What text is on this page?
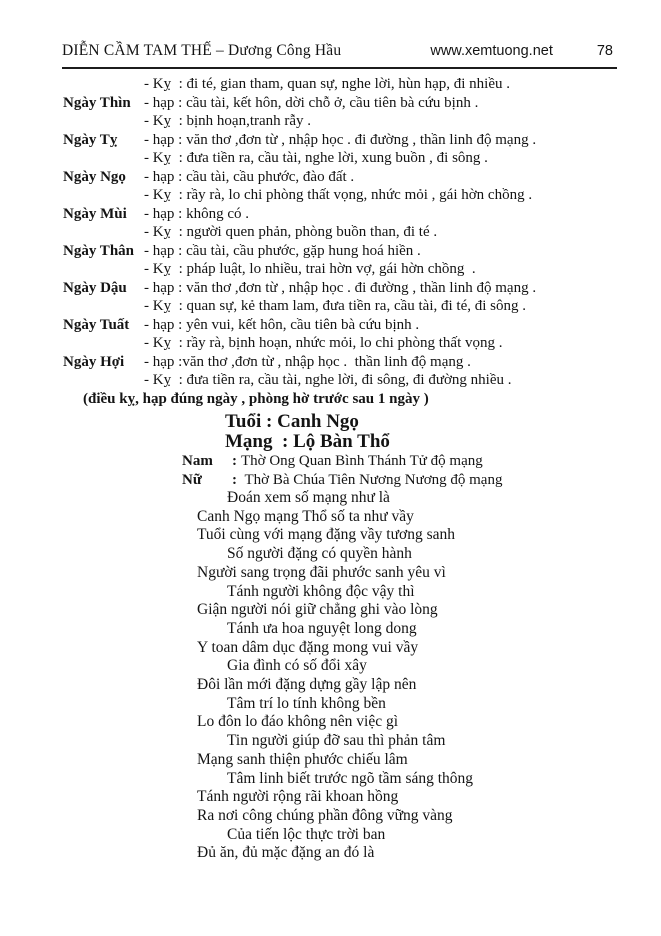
DIỄN CẦM TAM THẾ – Dương Công Hầu	www.xemtuong.net	78
- Kỵ  : đi té, gian tham, quan sự, nghe lời, hùn hạp, đi nhiều .
Ngày Thìn - hạp : cầu tài, kết hôn, dời chỗ ở, cầu tiên bà cứu bịnh .
- Kỵ  : bịnh hoạn,tranh rẫy .
Ngày Tỵ	- hạp : văn thơ ,đơn từ , nhập học . đi đường , thần linh độ mạng .
- Kỵ  : đưa tiền ra, cầu tài, nghe lời, xung buồn , đi sông .
Ngày Ngọ	- hạp : cầu tài, cầu phước, đào đất .
- Kỵ  : rầy rà, lo chi phòng thất vọng, nhức mỏi , gái hờn chồng .
Ngày Mùi	- hạp : không có .
- Kỵ  : người quen phản, phòng buồn than, đi té .
Ngày Thân - hạp : cầu tài, cầu phước, gặp hung hoá hiền .
- Kỵ  : pháp luật, lo nhiều, trai hờn vợ, gái hờn chồng  .
Ngày Dậu	- hạp : văn thơ ,đơn từ , nhập học . đi đường , thần linh độ mạng .
- Kỵ  : quan sự, kẻ tham lam, đưa tiền ra, cầu tài, đi té, đi sông .
Ngày Tuất - hạp : yên vui, kết hôn, cầu tiên bà cứu bịnh .
- Kỵ  : rầy rà, bịnh hoạn, nhức mỏi, lo chi phòng thất vọng .
Ngày Hợi	- hạp :văn thơ ,đơn từ , nhập học .  thần linh độ mạng .
- Kỵ  : đưa tiền ra, cầu tài, nghe lời, đi sông, đi đường nhiều .

(điều kỵ, hạp đúng ngày , phòng hờ trước sau 1 ngày )

Tuổi : Canh Ngọ

Mạng  : Lộ Bàn Thổ

Nam	: Thờ Ong Quan Bình Thánh Tử độ mạng
Nữ	: Thờ Bà Chúa Tiên Nương Nương độ mạng

Đoán xem số mạng như là

Canh Ngọ mạng Thổ số ta như vầy

Tuổi cùng với mạng đặng vầy tương sanh

Số người đặng có quyền hành

Người sang trọng đãi phước sanh yêu vì

Tánh người không độc vậy thì

Giận người nói giữ chẳng ghi vào lòng

Tánh ưa hoa nguyệt long dong

Y toan dâm dục đặng mong vui vầy

Gia đình có số đổi xây

Đôi lần mới đặng dựng gầy lập nên

Tâm trí lo tính không bền

Lo đôn lo đáo không nên việc gì

Tin người giúp đỡ sau thì phản tâm

Mạng sanh thiện phước chiếu lâm

Tâm linh biết trước ngõ tầm sáng thông

Tánh người rộng rãi khoan hồng

Ra nơi công chúng phần đông vững vàng

Của tiến lộc thực trời ban

Đủ ăn, đủ mặc đặng an đó là
